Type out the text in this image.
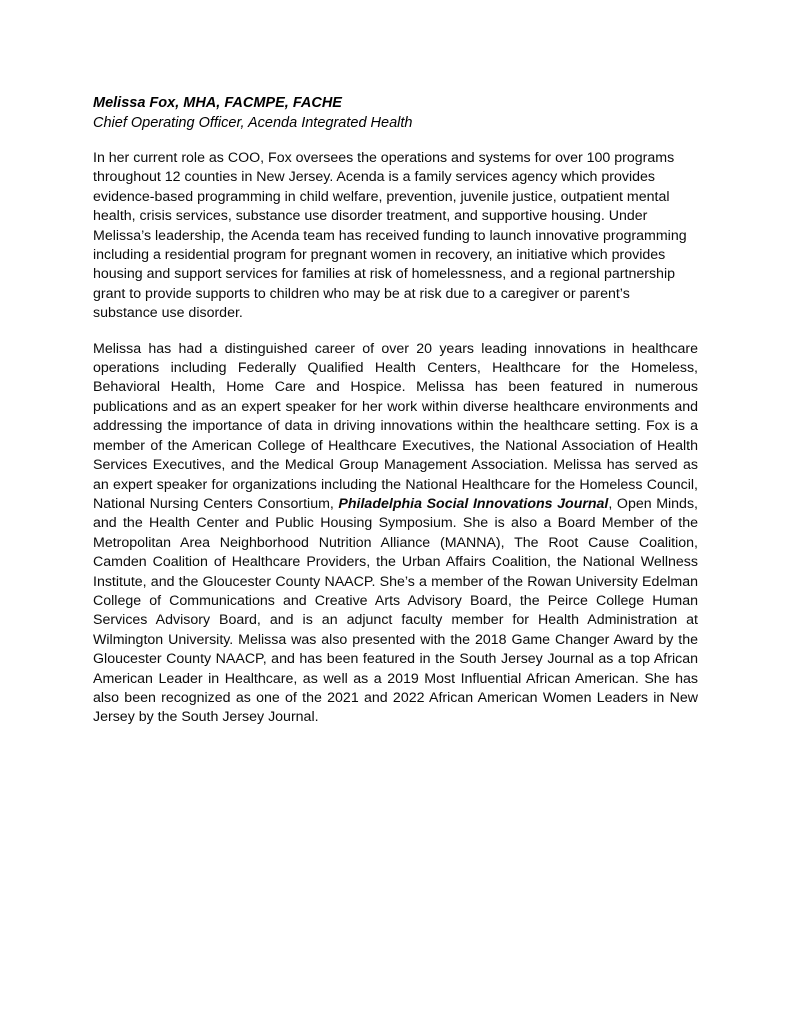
Melissa Fox, MHA, FACMPE, FACHE
Chief Operating Officer, Acenda Integrated Health

In her current role as COO, Fox oversees the operations and systems for over 100 programs throughout 12 counties in New Jersey. Acenda is a family services agency which provides evidence-based programming in child welfare, prevention, juvenile justice, outpatient mental health, crisis services, substance use disorder treatment, and supportive housing. Under Melissa’s leadership, the Acenda team has received funding to launch innovative programming including a residential program for pregnant women in recovery, an initiative which provides housing and support services for families at risk of homelessness, and a regional partnership grant to provide supports to children who may be at risk due to a caregiver or parent’s substance use disorder.

Melissa has had a distinguished career of over 20 years leading innovations in healthcare operations including Federally Qualified Health Centers, Healthcare for the Homeless, Behavioral Health, Home Care and Hospice. Melissa has been featured in numerous publications and as an expert speaker for her work within diverse healthcare environments and addressing the importance of data in driving innovations within the healthcare setting. Fox is a member of the American College of Healthcare Executives, the National Association of Health Services Executives, and the Medical Group Management Association. Melissa has served as an expert speaker for organizations including the National Healthcare for the Homeless Council, National Nursing Centers Consortium, Philadelphia Social Innovations Journal, Open Minds, and the Health Center and Public Housing Symposium. She is also a Board Member of the Metropolitan Area Neighborhood Nutrition Alliance (MANNA), The Root Cause Coalition, Camden Coalition of Healthcare Providers, the Urban Affairs Coalition, the National Wellness Institute, and the Gloucester County NAACP. She’s a member of the Rowan University Edelman College of Communications and Creative Arts Advisory Board, the Peirce College Human Services Advisory Board, and is an adjunct faculty member for Health Administration at Wilmington University. Melissa was also presented with the 2018 Game Changer Award by the Gloucester County NAACP, and has been featured in the South Jersey Journal as a top African American Leader in Healthcare, as well as a 2019 Most Influential African American. She has also been recognized as one of the 2021 and 2022 African American Women Leaders in New Jersey by the South Jersey Journal.
